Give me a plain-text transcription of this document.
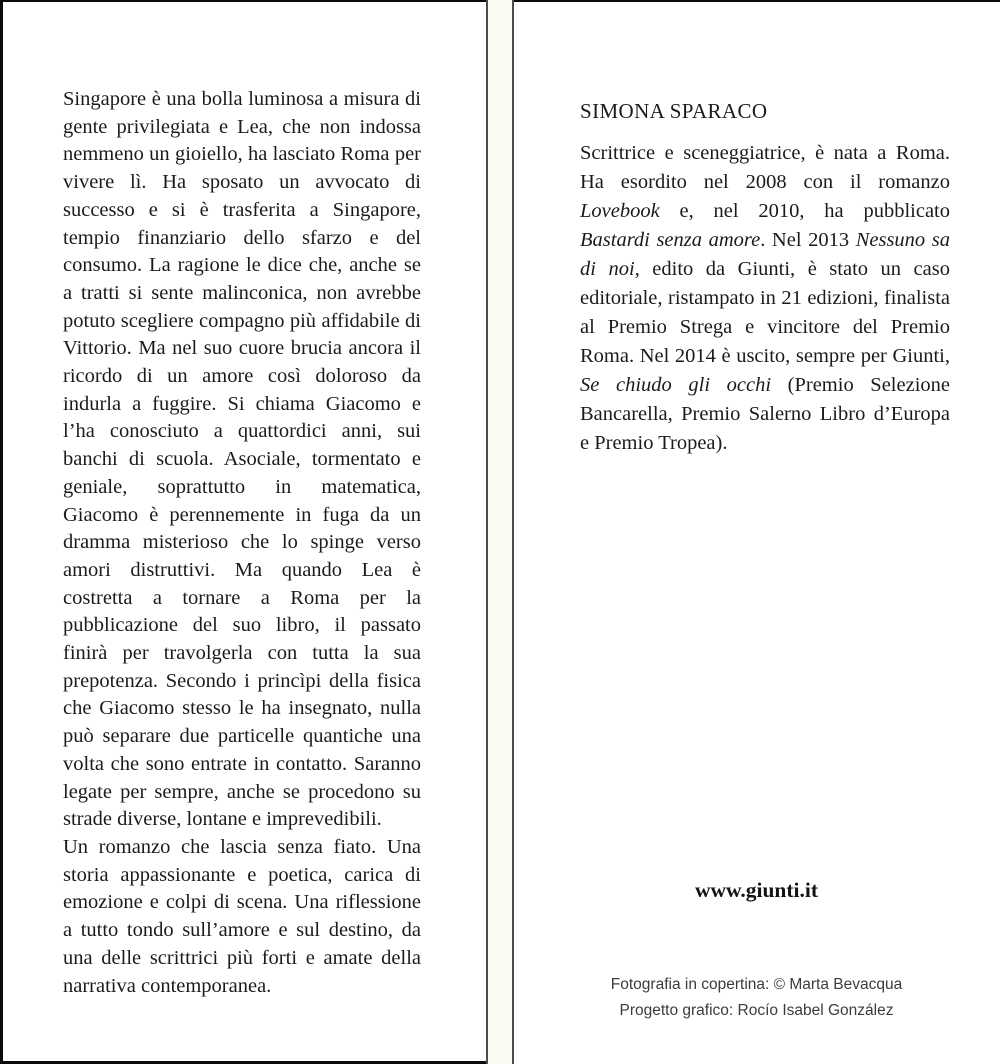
Singapore è una bolla luminosa a misura di gente privilegiata e Lea, che non indossa nemmeno un gioiello, ha lasciato Roma per vivere lì. Ha sposato un avvocato di successo e si è trasferita a Singapore, tempio finanziario dello sfarzo e del consumo. La ragione le dice che, anche se a tratti si sente malinconica, non avrebbe potuto scegliere compagno più affidabile di Vittorio. Ma nel suo cuore brucia ancora il ricordo di un amore così doloroso da indurla a fuggire. Si chiama Giacomo e l’ha conosciuto a quattordici anni, sui banchi di scuola. Asociale, tormentato e geniale, soprattutto in matematica, Giacomo è perennemente in fuga da un dramma misterioso che lo spinge verso amori distruttivi. Ma quando Lea è costretta a tornare a Roma per la pubblicazione del suo libro, il passato finirà per travolgerla con tutta la sua prepotenza. Secondo i princìpi della fisica che Giacomo stesso le ha insegnato, nulla può separare due particelle quantiche una volta che sono entrate in contatto. Saranno legate per sempre, anche se procedono su strade diverse, lontane e imprevedibili.

Un romanzo che lascia senza fiato. Una storia appassionante e poetica, carica di emozione e colpi di scena. Una riflessione a tutto tondo sull’amore e sul destino, da una delle scrittrici più forti e amate della narrativa contemporanea.

SIMONA SPARACO

Scrittrice e sceneggiatrice, è nata a Roma. Ha esordito nel 2008 con il romanzo Lovebook e, nel 2010, ha pubblicato Bastardi senza amore. Nel 2013 Nessuno sa di noi, edito da Giunti, è stato un caso editoriale, ristampato in 21 edizioni, finalista al Premio Strega e vincitore del Premio Roma. Nel 2014 è uscito, sempre per Giunti, Se chiudo gli occhi (Premio Selezione Bancarella, Premio Salerno Libro d’Europa e Premio Tropea).

www.giunti.it
Fotografia in copertina: © Marta Bevacqua
Progetto grafico: Rocío Isabel González
